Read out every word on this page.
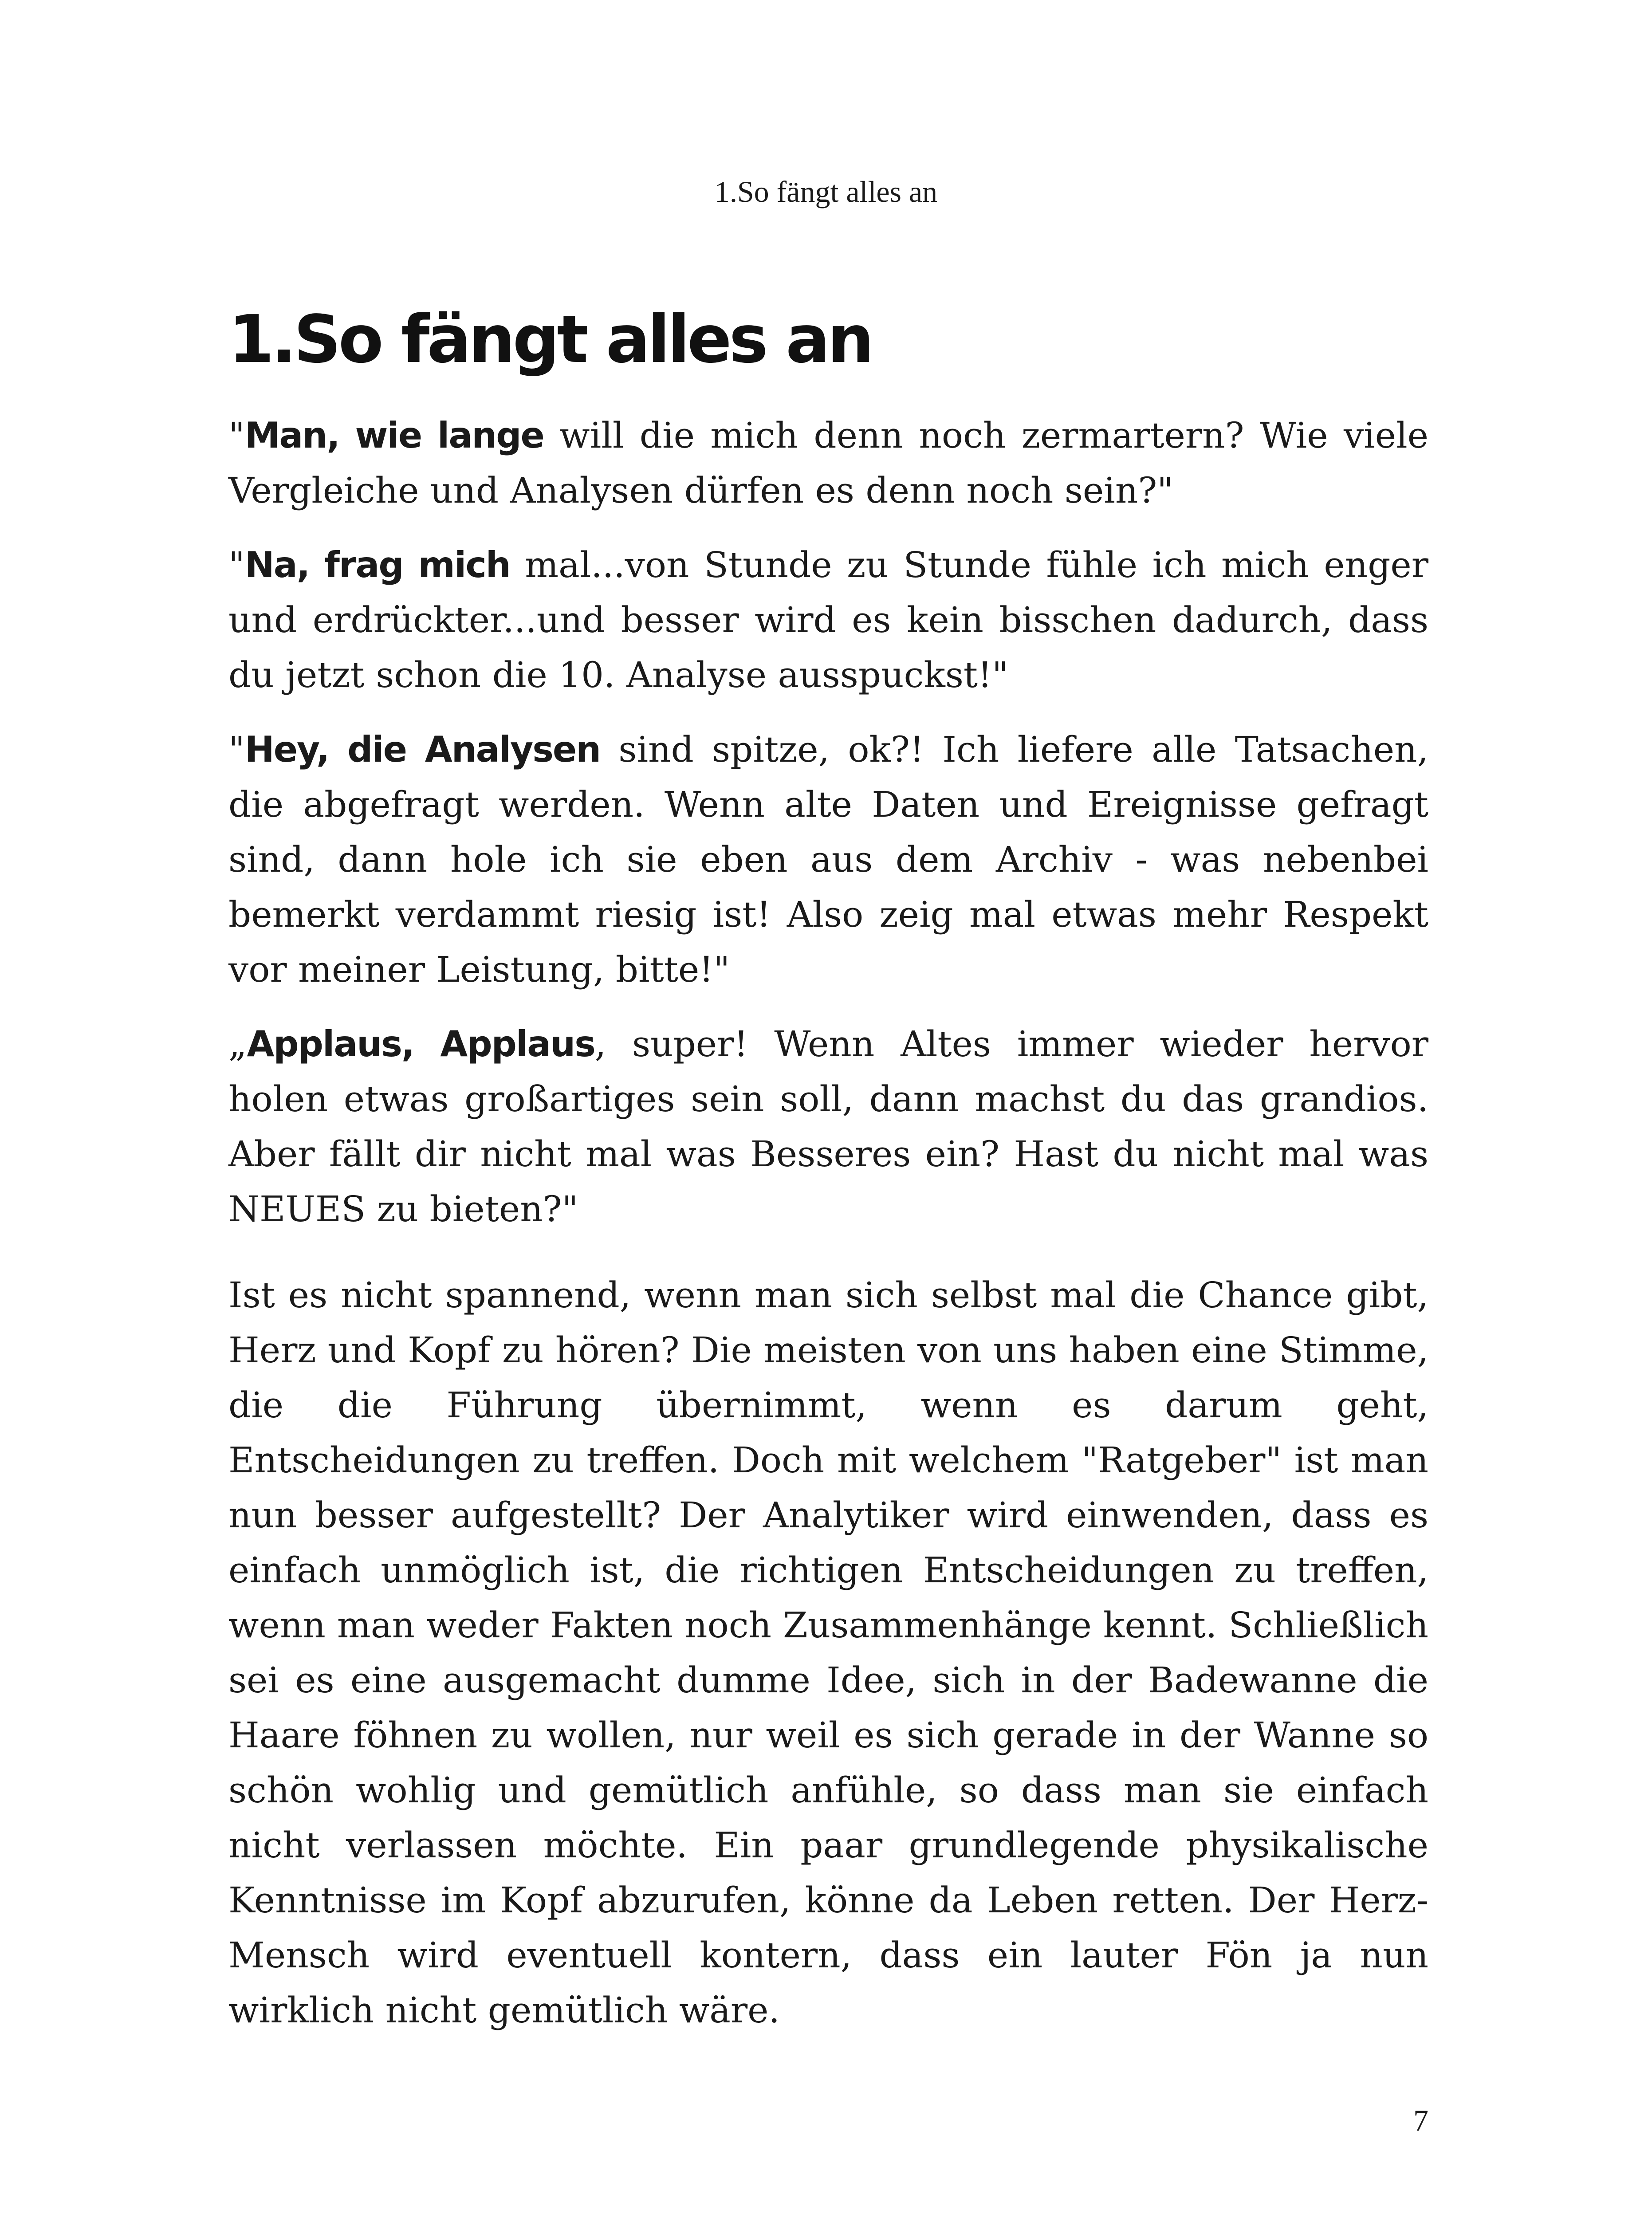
1.So fängt alles an
1.So fängt alles an

"Man, wie lange will die mich denn noch zermartern? Wie viele Vergleiche und Analysen dürfen es denn noch sein?"

"Na, frag mich mal...von Stunde zu Stunde fühle ich mich enger und erdrückter...und besser wird es kein bisschen dadurch, dass du jetzt schon die 10. Analyse ausspuckst!"

"Hey, die Analysen sind spitze, ok?! Ich liefere alle Tatsachen, die abgefragt werden. Wenn alte Daten und Ereignisse gefragt sind, dann hole ich sie eben aus dem Archiv - was nebenbei bemerkt verdammt riesig ist! Also zeig mal etwas mehr Respekt vor meiner Leistung, bitte!"

„Applaus, Applaus, super! Wenn Altes immer wieder hervor holen etwas großartiges sein soll, dann machst du das grandios. Aber fällt dir nicht mal was Besseres ein? Hast du nicht mal was NEUES zu bieten?"

Ist es nicht spannend, wenn man sich selbst mal die Chance gibt, Herz und Kopf zu hören? Die meisten von uns haben eine Stimme, die die Führung übernimmt, wenn es darum geht, Entscheidungen zu treffen. Doch mit welchem "Ratgeber" ist man nun besser aufgestellt? Der Analytiker wird einwenden, dass es einfach unmöglich ist, die richtigen Entscheidungen zu treffen, wenn man weder Fakten noch Zusammenhänge kennt. Schließlich sei es eine ausgemacht dumme Idee, sich in der Badewanne die Haare föhnen zu wollen, nur weil es sich gerade in der Wanne so schön wohlig und gemütlich anfühle, so dass man sie einfach nicht verlassen möchte. Ein paar grundlegende physikalische Kenntnisse im Kopf abzurufen, könne da Leben retten. Der Herz-Mensch wird eventuell kontern, dass ein lauter Fön ja nun wirklich nicht gemütlich wäre.

7
